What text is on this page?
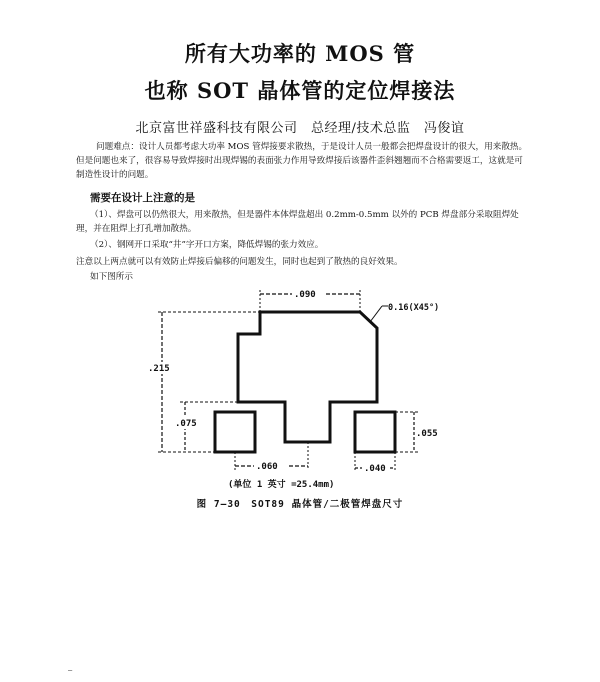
所有大功率的 MOS 管
也称 SOT 晶体管的定位焊接法
北京富世祥盛科技有限公司　总经理/技术总监　冯俊谊

问题难点：设计人员都考虑大功率 MOS 管焊接要求散热，于是设计人员一般都会把焊盘设计的很大，用来散热。但是问题也来了，很容易导致焊接时出现焊锡的表面张力作用导致焊接后该器件歪斜翘翘而不合格需要返工，这就是可制造性设计的问题。

需要在设计上注意的是

（1）、焊盘可以仍然很大，用来散热，但是器件本体焊盘超出 0.2mm-0.5mm 以外的 PCB 焊盘部分采取阻焊处理，并在阻焊上打孔增加散热。

（2）、钢网开口采取“井”字开口方案，降低焊锡的张力效应。

注意以上两点就可以有效防止焊接后偏移的问题发生，同时也起到了散热的良好效果。

如下图所示

.090
0.16(X45°)
.215
.075
.055
.060	.040
(单位 1 英寸 =25.4mm)
图 7—30　SOT89 晶体管/二极管焊盘尺寸
—
